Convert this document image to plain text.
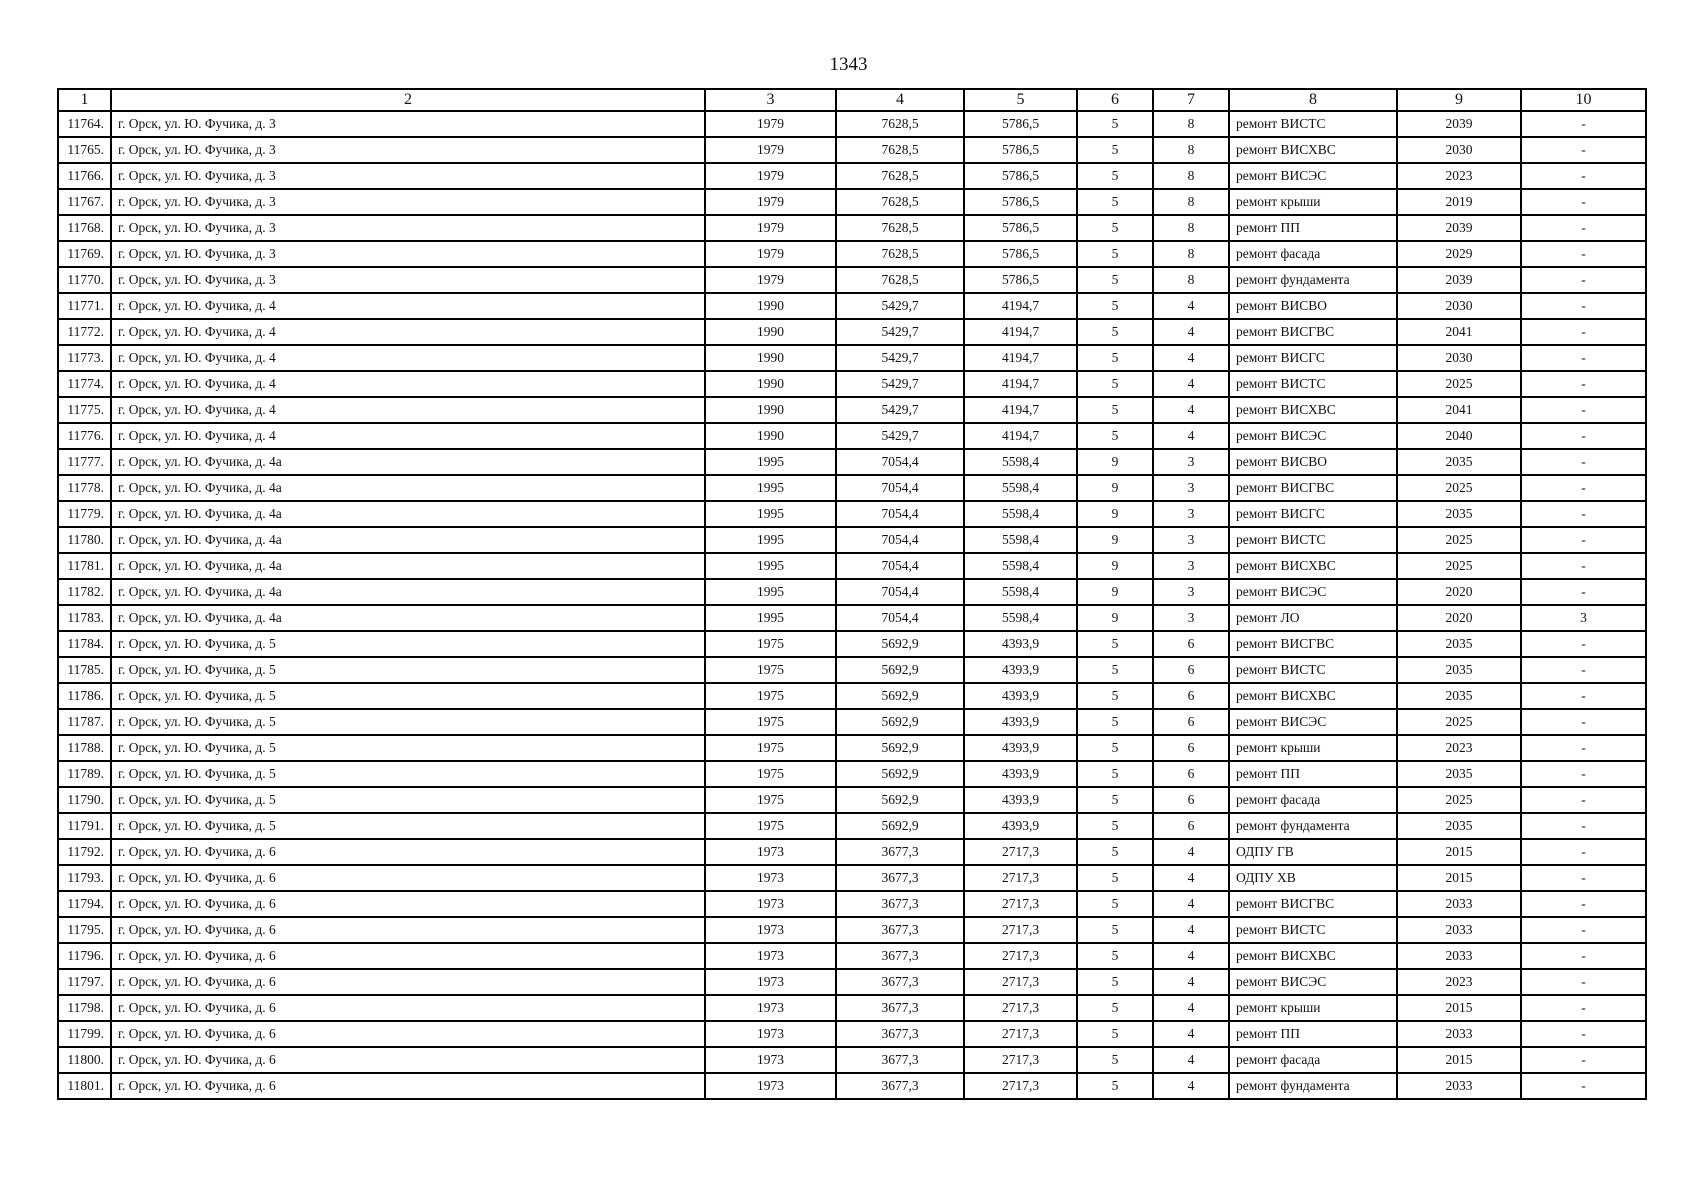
1343
1	2	3	4	5	6	7	8	9	10
11764.	г. Орск, ул. Ю. Фучика, д. 3	1979	7628,5	5786,5	5	8	ремонт ВИСТС	2039	-
11765.	г. Орск, ул. Ю. Фучика, д. 3	1979	7628,5	5786,5	5	8	ремонт ВИСХВС	2030	-
11766.	г. Орск, ул. Ю. Фучика, д. 3	1979	7628,5	5786,5	5	8	ремонт ВИСЭС	2023	-
11767.	г. Орск, ул. Ю. Фучика, д. 3	1979	7628,5	5786,5	5	8	ремонт крыши	2019	-
11768.	г. Орск, ул. Ю. Фучика, д. 3	1979	7628,5	5786,5	5	8	ремонт ПП	2039	-
11769.	г. Орск, ул. Ю. Фучика, д. 3	1979	7628,5	5786,5	5	8	ремонт фасада	2029	-
11770.	г. Орск, ул. Ю. Фучика, д. 3	1979	7628,5	5786,5	5	8	ремонт фундамента	2039	-
11771.	г. Орск, ул. Ю. Фучика, д. 4	1990	5429,7	4194,7	5	4	ремонт ВИСВО	2030	-
11772.	г. Орск, ул. Ю. Фучика, д. 4	1990	5429,7	4194,7	5	4	ремонт ВИСГВС	2041	-
11773.	г. Орск, ул. Ю. Фучика, д. 4	1990	5429,7	4194,7	5	4	ремонт ВИСГС	2030	-
11774.	г. Орск, ул. Ю. Фучика, д. 4	1990	5429,7	4194,7	5	4	ремонт ВИСТС	2025	-
11775.	г. Орск, ул. Ю. Фучика, д. 4	1990	5429,7	4194,7	5	4	ремонт ВИСХВС	2041	-
11776.	г. Орск, ул. Ю. Фучика, д. 4	1990	5429,7	4194,7	5	4	ремонт ВИСЭС	2040	-
11777.	г. Орск, ул. Ю. Фучика, д. 4а	1995	7054,4	5598,4	9	3	ремонт ВИСВО	2035	-
11778.	г. Орск, ул. Ю. Фучика, д. 4а	1995	7054,4	5598,4	9	3	ремонт ВИСГВС	2025	-
11779.	г. Орск, ул. Ю. Фучика, д. 4а	1995	7054,4	5598,4	9	3	ремонт ВИСГС	2035	-
11780.	г. Орск, ул. Ю. Фучика, д. 4а	1995	7054,4	5598,4	9	3	ремонт ВИСТС	2025	-
11781.	г. Орск, ул. Ю. Фучика, д. 4а	1995	7054,4	5598,4	9	3	ремонт ВИСХВС	2025	-
11782.	г. Орск, ул. Ю. Фучика, д. 4а	1995	7054,4	5598,4	9	3	ремонт ВИСЭС	2020	-
11783.	г. Орск, ул. Ю. Фучика, д. 4а	1995	7054,4	5598,4	9	3	ремонт ЛО	2020	3
11784.	г. Орск, ул. Ю. Фучика, д. 5	1975	5692,9	4393,9	5	6	ремонт ВИСГВС	2035	-
11785.	г. Орск, ул. Ю. Фучика, д. 5	1975	5692,9	4393,9	5	6	ремонт ВИСТС	2035	-
11786.	г. Орск, ул. Ю. Фучика, д. 5	1975	5692,9	4393,9	5	6	ремонт ВИСХВС	2035	-
11787.	г. Орск, ул. Ю. Фучика, д. 5	1975	5692,9	4393,9	5	6	ремонт ВИСЭС	2025	-
11788.	г. Орск, ул. Ю. Фучика, д. 5	1975	5692,9	4393,9	5	6	ремонт крыши	2023	-
11789.	г. Орск, ул. Ю. Фучика, д. 5	1975	5692,9	4393,9	5	6	ремонт ПП	2035	-
11790.	г. Орск, ул. Ю. Фучика, д. 5	1975	5692,9	4393,9	5	6	ремонт фасада	2025	-
11791.	г. Орск, ул. Ю. Фучика, д. 5	1975	5692,9	4393,9	5	6	ремонт фундамента	2035	-
11792.	г. Орск, ул. Ю. Фучика, д. 6	1973	3677,3	2717,3	5	4	ОДПУ ГВ	2015	-
11793.	г. Орск, ул. Ю. Фучика, д. 6	1973	3677,3	2717,3	5	4	ОДПУ ХВ	2015	-
11794.	г. Орск, ул. Ю. Фучика, д. 6	1973	3677,3	2717,3	5	4	ремонт ВИСГВС	2033	-
11795.	г. Орск, ул. Ю. Фучика, д. 6	1973	3677,3	2717,3	5	4	ремонт ВИСТС	2033	-
11796.	г. Орск, ул. Ю. Фучика, д. 6	1973	3677,3	2717,3	5	4	ремонт ВИСХВС	2033	-
11797.	г. Орск, ул. Ю. Фучика, д. 6	1973	3677,3	2717,3	5	4	ремонт ВИСЭС	2023	-
11798.	г. Орск, ул. Ю. Фучика, д. 6	1973	3677,3	2717,3	5	4	ремонт крыши	2015	-
11799.	г. Орск, ул. Ю. Фучика, д. 6	1973	3677,3	2717,3	5	4	ремонт ПП	2033	-
11800.	г. Орск, ул. Ю. Фучика, д. 6	1973	3677,3	2717,3	5	4	ремонт фасада	2015	-
11801.	г. Орск, ул. Ю. Фучика, д. 6	1973	3677,3	2717,3	5	4	ремонт фундамента	2033	-
